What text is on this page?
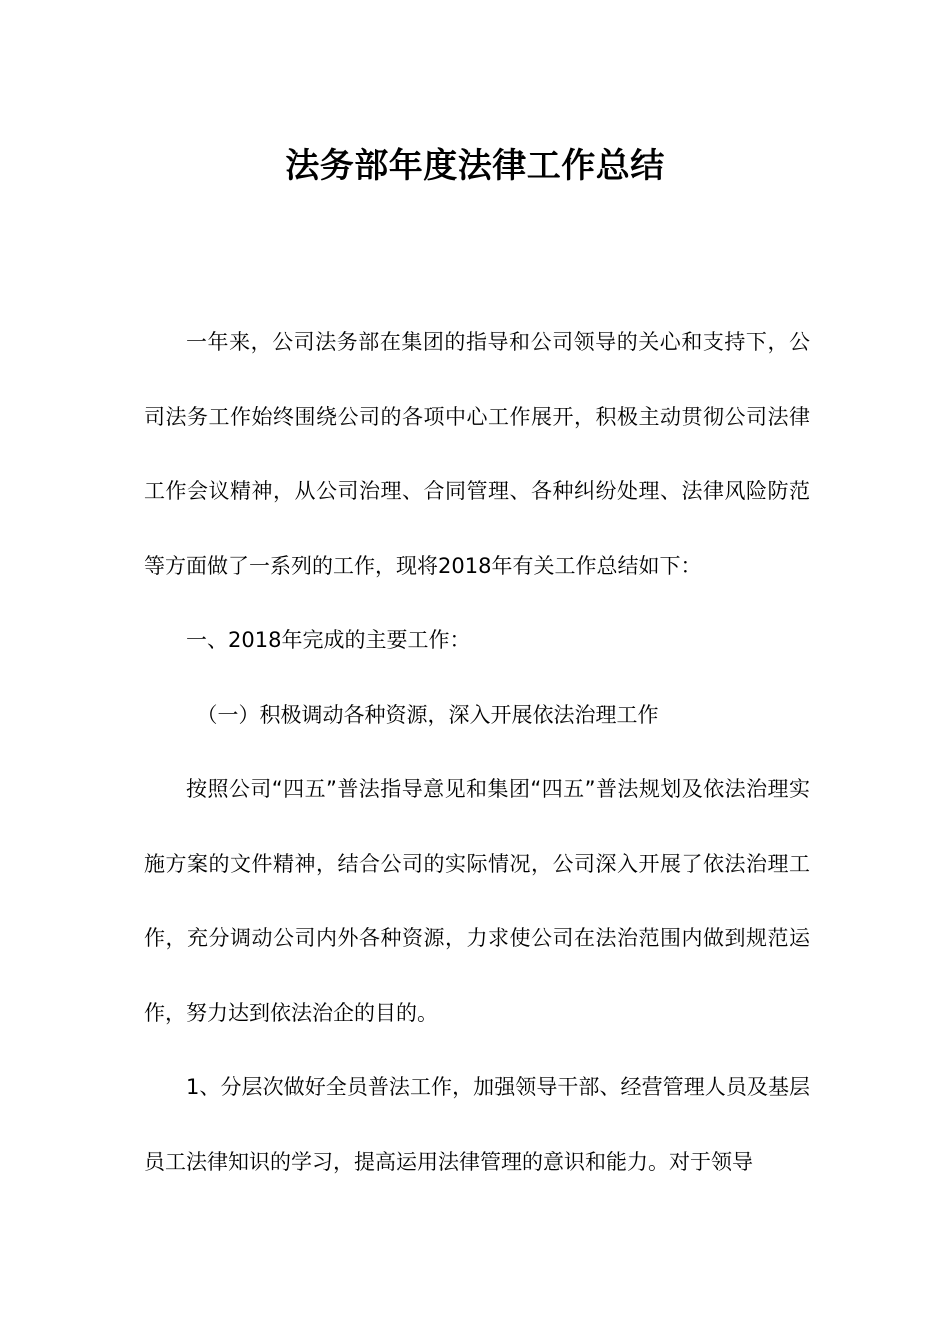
法务部年度法律工作总结

一年来，公司法务部在集团的指导和公司领导的关心和支持下，公司法务工作始终围绕公司的各项中心工作展开，积极主动贯彻公司法律工作会议精神，从公司治理、合同管理、各种纠纷处理、法律风险防范等方面做了一系列的工作，现将2018年有关工作总结如下：

一、2018年完成的主要工作：

（一）积极调动各种资源，深入开展依法治理工作

按照公司“四五”普法指导意见和集团“四五”普法规划及依法治理实施方案的文件精神，结合公司的实际情况，公司深入开展了依法治理工作，充分调动公司内外各种资源，力求使公司在法治范围内做到规范运作，努力达到依法治企的目的。

1、分层次做好全员普法工作，加强领导干部、经营管理人员及基层员工法律知识的学习，提高运用法律管理的意识和能力。对于领导
